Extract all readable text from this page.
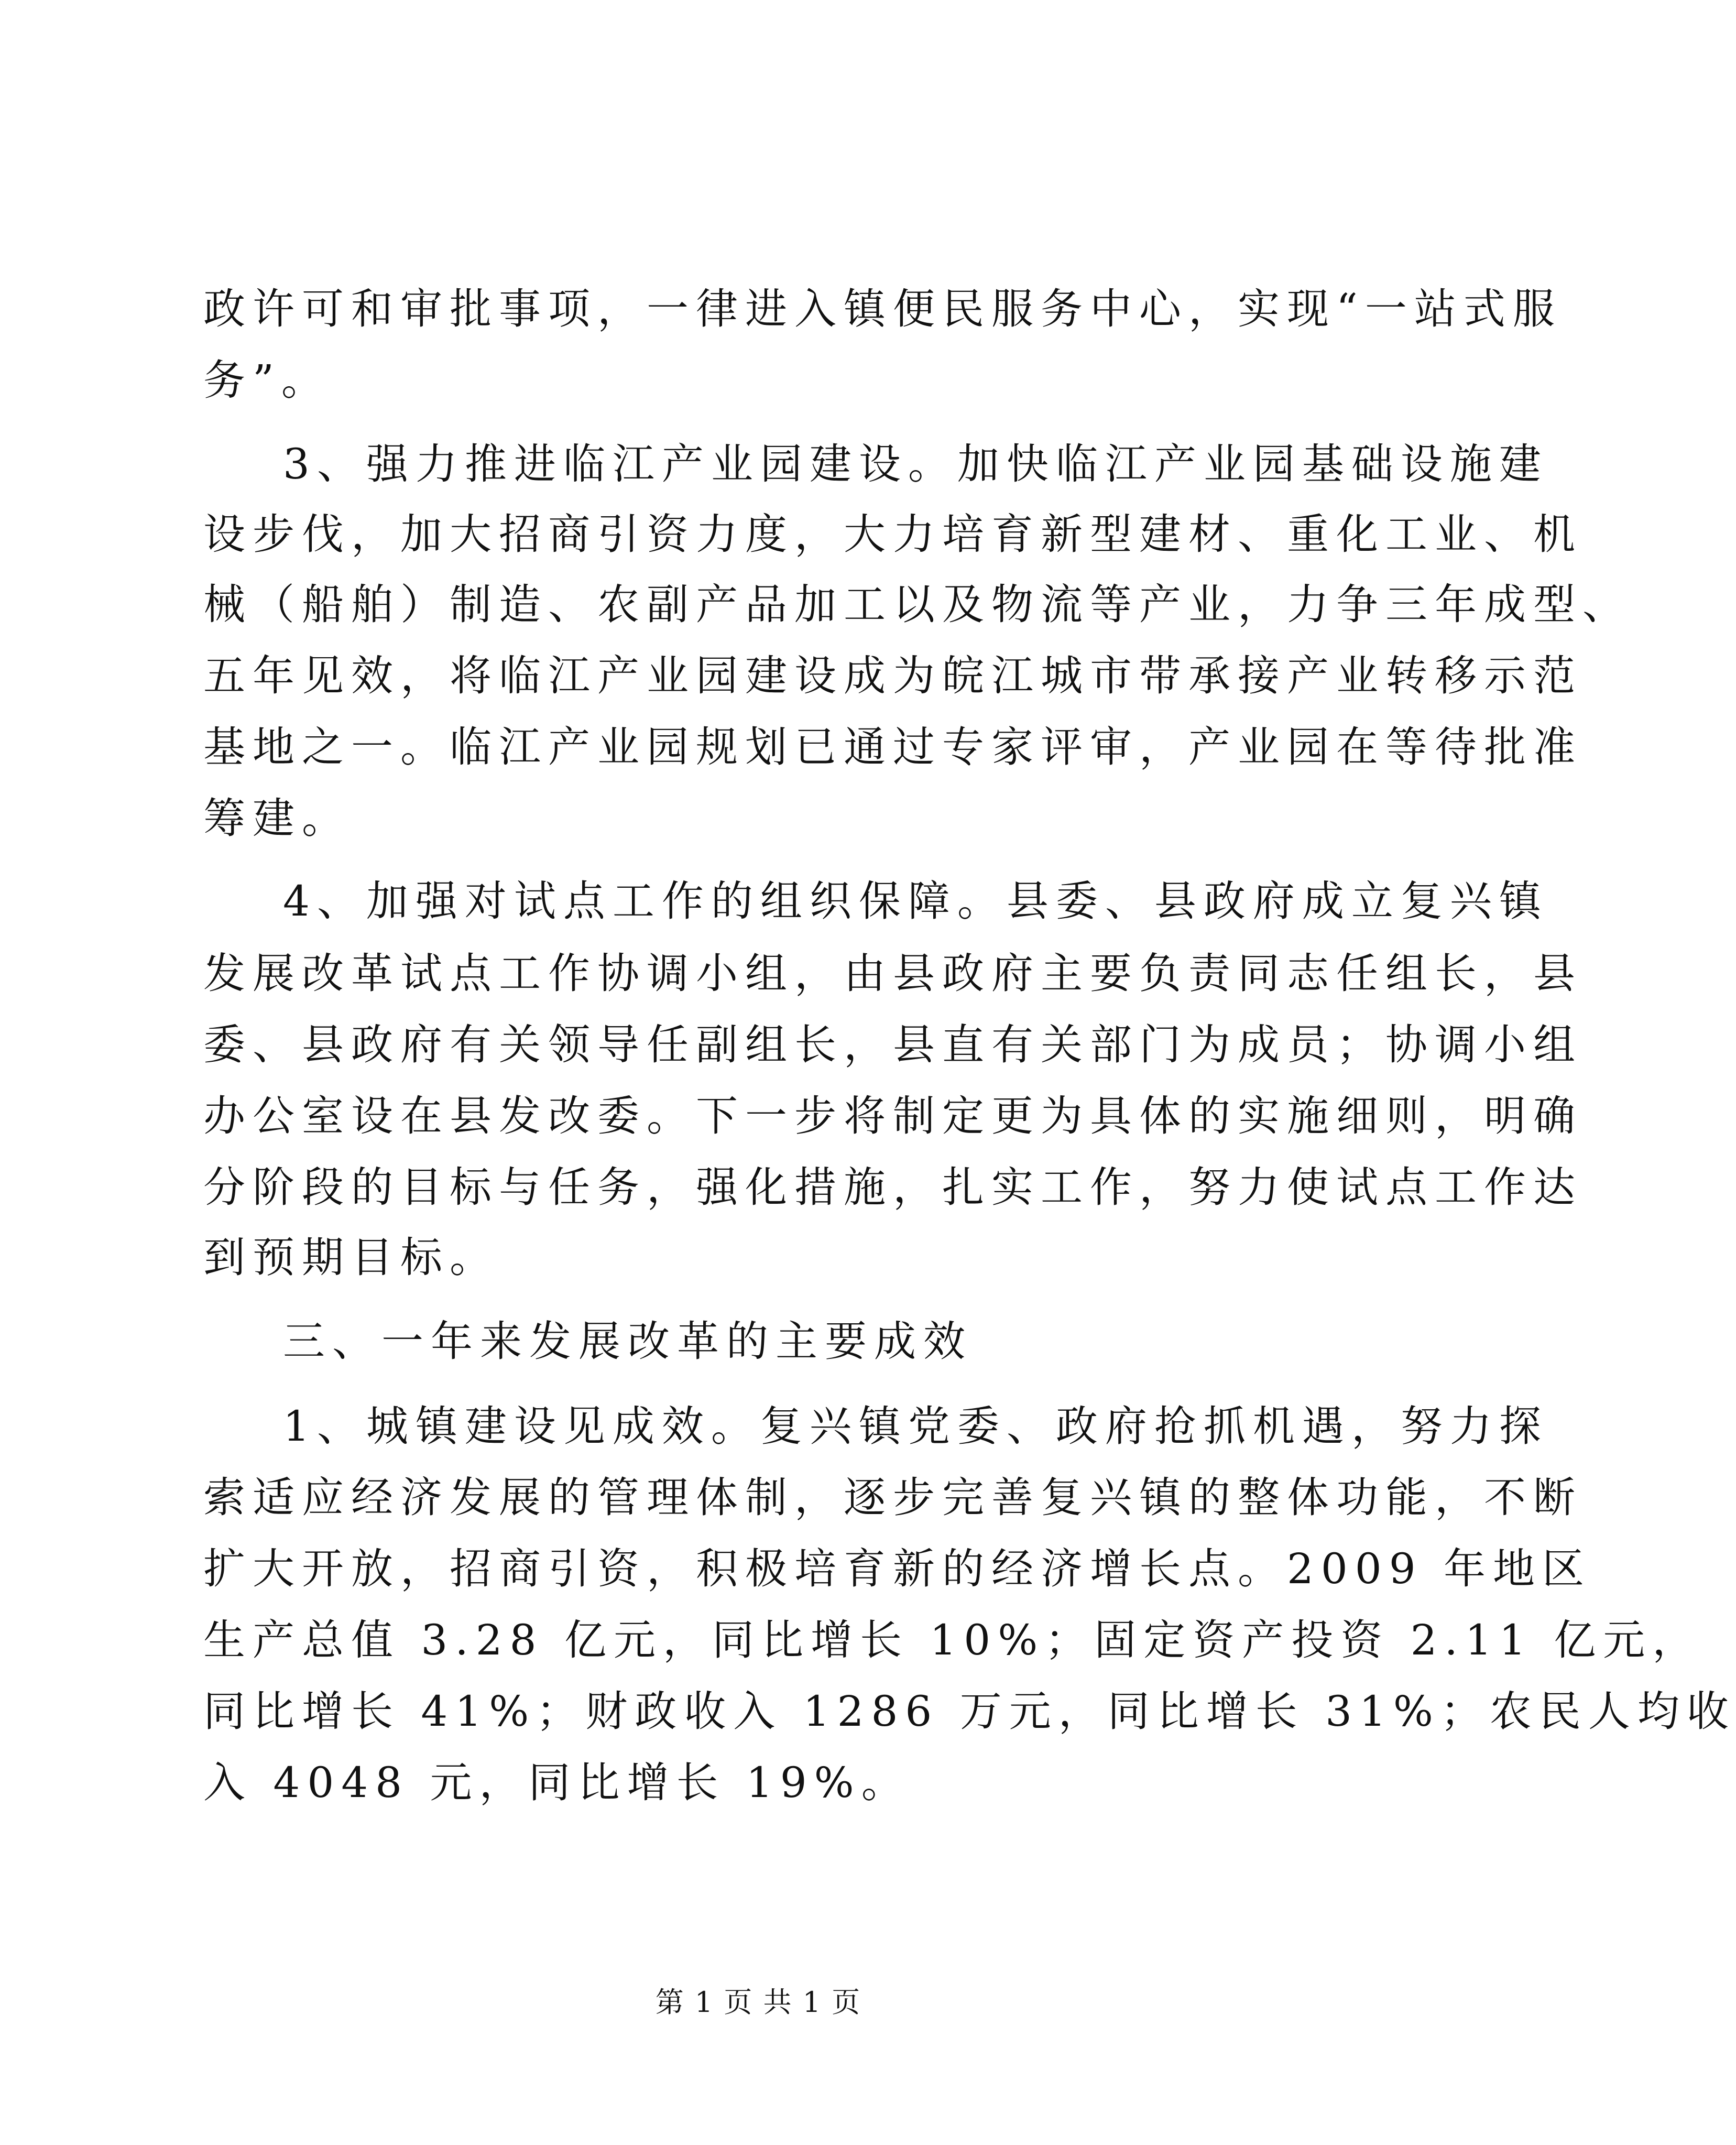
政许可和审批事项，一律进入镇便民服务中心，实现“一站式服
务”。
3、强力推进临江产业园建设。加快临江产业园基础设施建
设步伐，加大招商引资力度，大力培育新型建材、重化工业、机
械（船舶）制造、农副产品加工以及物流等产业，力争三年成型、
五年见效，将临江产业园建设成为皖江城市带承接产业转移示范
基地之一。临江产业园规划已通过专家评审，产业园在等待批准
筹建。
4、加强对试点工作的组织保障。县委、县政府成立复兴镇
发展改革试点工作协调小组，由县政府主要负责同志任组长，县
委、县政府有关领导任副组长，县直有关部门为成员；协调小组
办公室设在县发改委。下一步将制定更为具体的实施细则，明确
分阶段的目标与任务，强化措施，扎实工作，努力使试点工作达
到预期目标。
三、一年来发展改革的主要成效
1、城镇建设见成效。复兴镇党委、政府抢抓机遇，努力探
索适应经济发展的管理体制，逐步完善复兴镇的整体功能，不断
扩大开放，招商引资，积极培育新的经济增长点。2009 年地区
生产总值 3.28 亿元，同比增长 10%；固定资产投资 2.11 亿元，
同比增长 41%；财政收入 1286 万元，同比增长 31%；农民人均收
入 4048 元，同比增长 19%。
第 1 页 共 1 页
